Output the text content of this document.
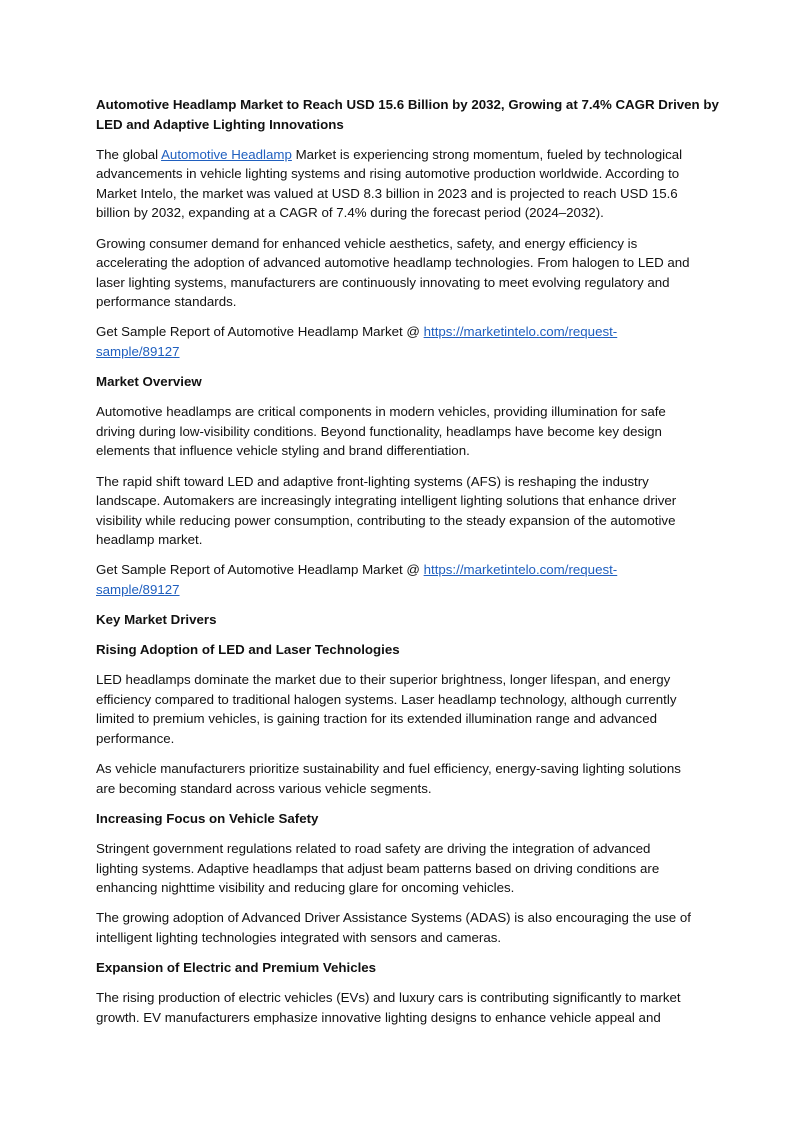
Automotive Headlamp Market to Reach USD 15.6 Billion by 2032, Growing at 7.4% CAGR Driven by
LED and Adaptive Lighting Innovations
The global Automotive Headlamp Market is experiencing strong momentum, fueled by technological
advancements in vehicle lighting systems and rising automotive production worldwide. According to
Market Intelo, the market was valued at USD 8.3 billion in 2023 and is projected to reach USD 15.6
billion by 2032, expanding at a CAGR of 7.4% during the forecast period (2024–2032).
Growing consumer demand for enhanced vehicle aesthetics, safety, and energy efficiency is
accelerating the adoption of advanced automotive headlamp technologies. From halogen to LED and
laser lighting systems, manufacturers are continuously innovating to meet evolving regulatory and
performance standards.
Get Sample Report of Automotive Headlamp Market @ https://marketintelo.com/request-
sample/89127
Market Overview
Automotive headlamps are critical components in modern vehicles, providing illumination for safe
driving during low-visibility conditions. Beyond functionality, headlamps have become key design
elements that influence vehicle styling and brand differentiation.
The rapid shift toward LED and adaptive front-lighting systems (AFS) is reshaping the industry
landscape. Automakers are increasingly integrating intelligent lighting solutions that enhance driver
visibility while reducing power consumption, contributing to the steady expansion of the automotive
headlamp market.
Get Sample Report of Automotive Headlamp Market @ https://marketintelo.com/request-
sample/89127
Key Market Drivers
Rising Adoption of LED and Laser Technologies
LED headlamps dominate the market due to their superior brightness, longer lifespan, and energy
efficiency compared to traditional halogen systems. Laser headlamp technology, although currently
limited to premium vehicles, is gaining traction for its extended illumination range and advanced
performance.
As vehicle manufacturers prioritize sustainability and fuel efficiency, energy-saving lighting solutions
are becoming standard across various vehicle segments.
Increasing Focus on Vehicle Safety
Stringent government regulations related to road safety are driving the integration of advanced
lighting systems. Adaptive headlamps that adjust beam patterns based on driving conditions are
enhancing nighttime visibility and reducing glare for oncoming vehicles.
The growing adoption of Advanced Driver Assistance Systems (ADAS) is also encouraging the use of
intelligent lighting technologies integrated with sensors and cameras.
Expansion of Electric and Premium Vehicles
The rising production of electric vehicles (EVs) and luxury cars is contributing significantly to market
growth. EV manufacturers emphasize innovative lighting designs to enhance vehicle appeal and
